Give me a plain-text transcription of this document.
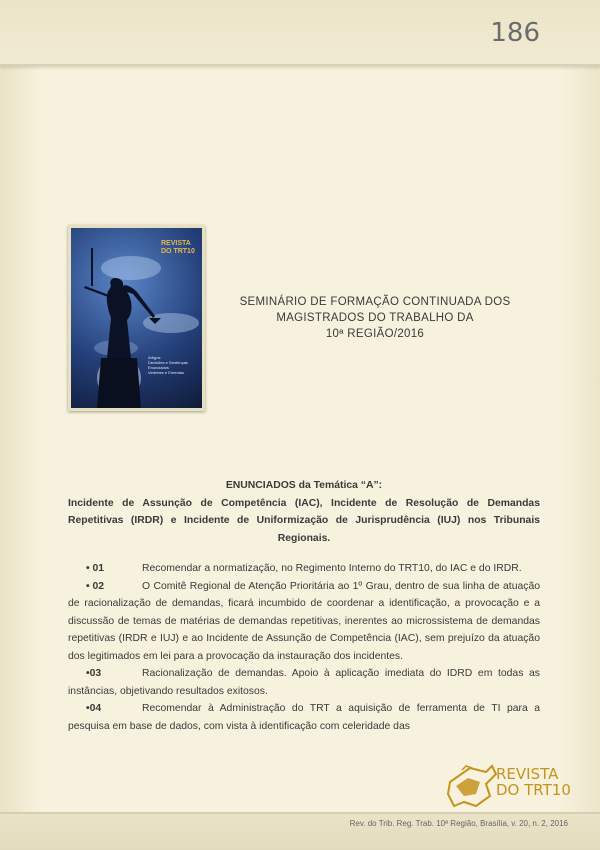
186
REVISTA
DO TRT10
Artigos
Decisões e Sentenças
Enunciados
Verbetes e Ementas
SEMINÁRIO DE FORMAÇÃO CONTINUADA DOS
MAGISTRADOS DO TRABALHO DA
10ª REGIÃO/2016
ENUNCIADOS da Temática “A”:
Incidente de Assunção de Competência (IAC), Incidente de Resolução de Demandas Repetitivas (IRDR) e Incidente de Uniformização de Jurisprudência (IUJ) nos Tribunais Regionais.

• 01	Recomendar a normatização, no Regimento Interno do TRT10, do IAC e do IRDR.

• 02	O Comitê Regional de Atenção Prioritária ao 1º Grau, dentro de sua linha de atuação de racionalização de demandas, ficará incumbido de coordenar a identificação, a provocação e a discussão de temas de matérias de demandas repetitivas, inerentes ao microssistema de demandas repetitivas (IRDR e IUJ) e ao Incidente de Assunção de Competência (IAC), sem prejuízo da atuação dos legitimados em lei para a provocação da instauração dos incidentes.

•03	Racionalização de demandas. Apoio à aplicação imediata do IDRD em todas as instâncias, objetivando resultados exitosos.

•04	Recomendar à Administração do TRT a aquisição de ferramenta de TI para a pesquisa em base de dados, com vista à identificação com celeridade das

REVISTA
DO TRT10
Rev. do Trib. Reg. Trab. 10ª Região, Brasília, v. 20, n. 2, 2016
